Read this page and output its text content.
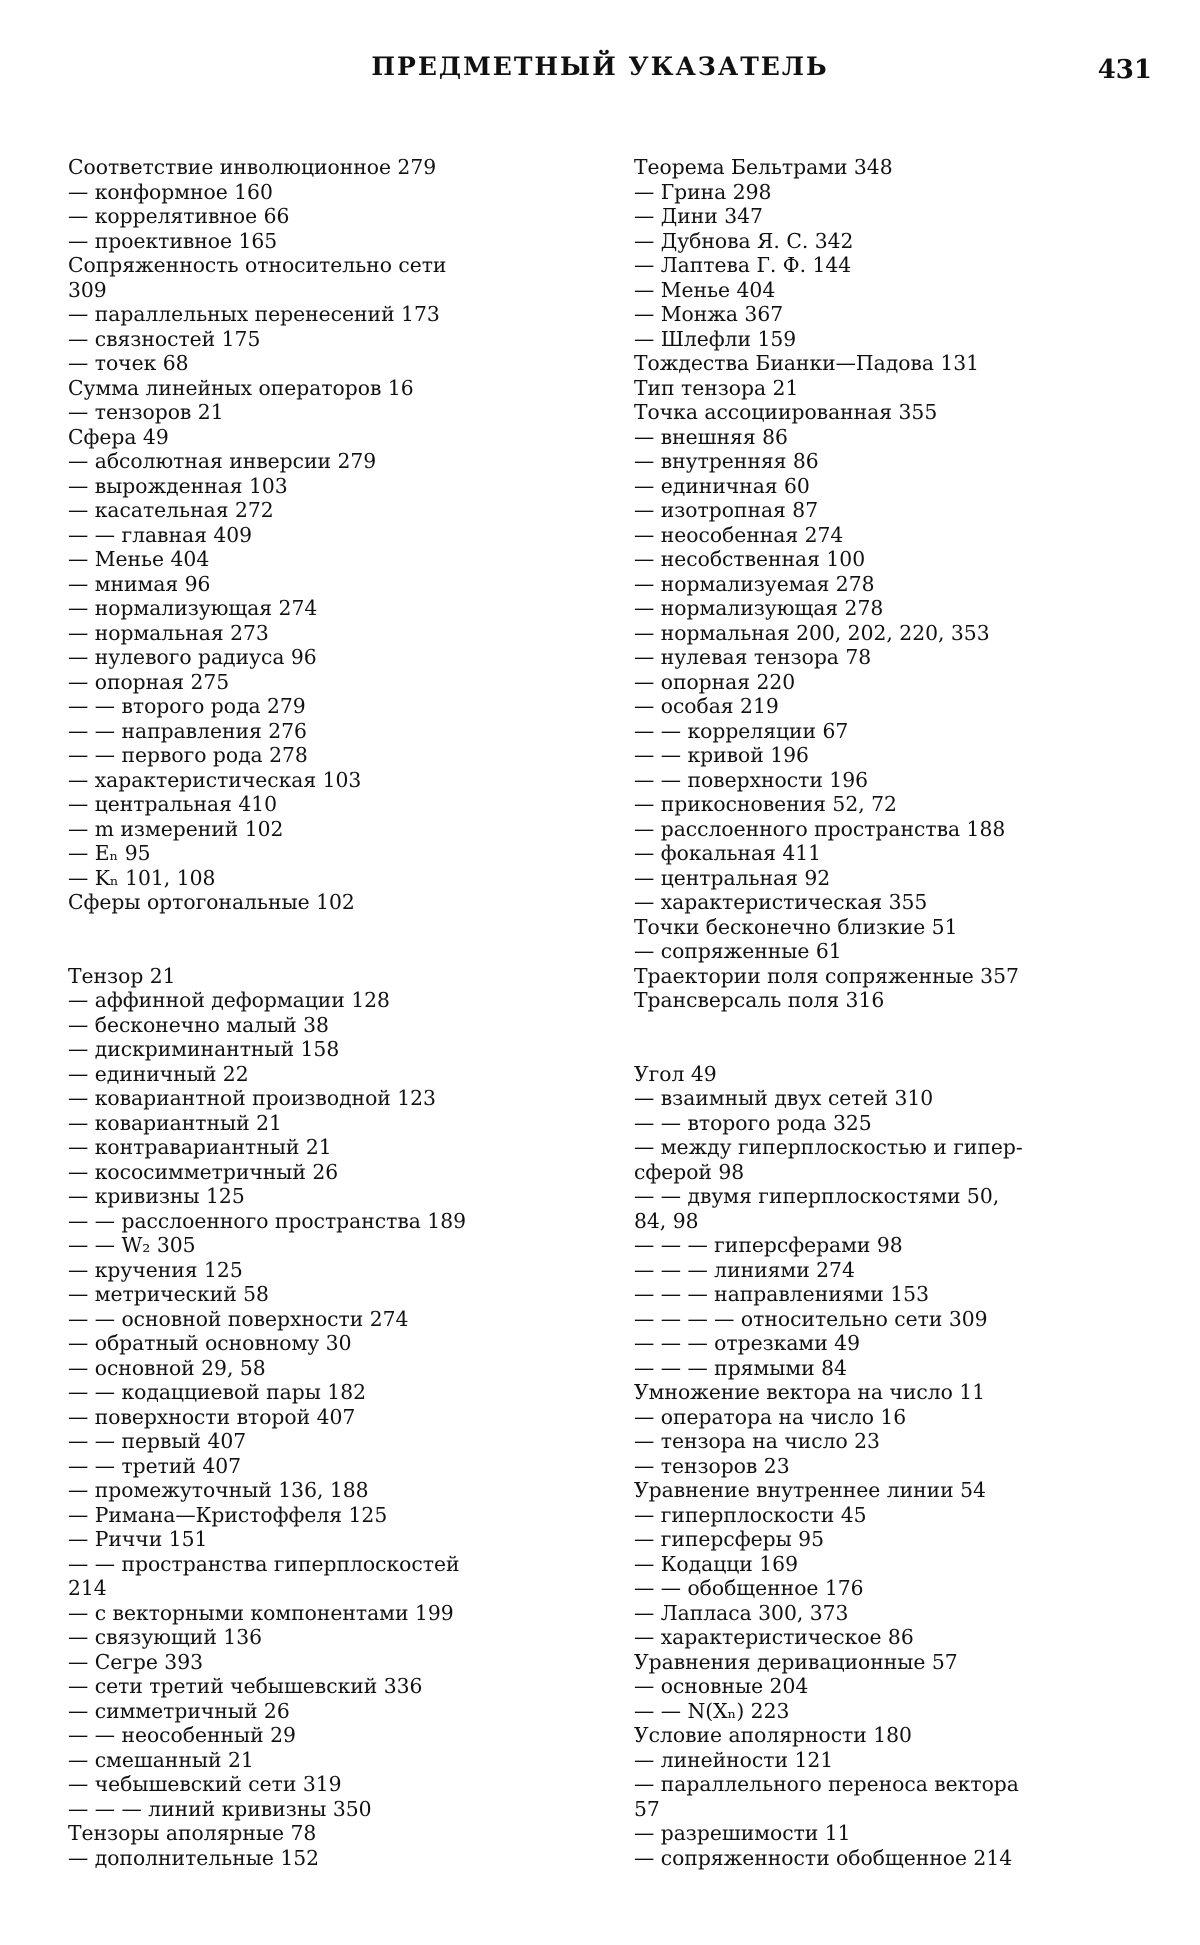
ПРЕДМЕТНЫЙ УКАЗАТЕЛЬ	431
Соответствие инволюционное 279
— конформное 160
— коррелятивное 66
— проективное 165
Сопряженность относительно сети
309
— параллельных перенесений 173
— связностей 175
— точек 68
Сумма линейных операторов 16
— тензоров 21
Сфера 49
— абсолютная инверсии 279
— вырожденная 103
— касательная 272
— — главная 409
— Менье 404
— мнимая 96
— нормализующая 274
— нормальная 273
— нулевого радиуса 96
— опорная 275
— — второго рода 279
— — направления 276
— — первого рода 278
— характеристическая 103
— центральная 410
— m измерений 102
— Eₙ 95
— Kₙ 101, 108
Сферы ортогональные 102
Тензор 21
— аффинной деформации 128
— бесконечно малый 38
— дискриминантный 158
— единичный 22
— ковариантной производной 123
— ковариантный 21
— контравариантный 21
— кососимметричный 26
— кривизны 125
— — расслоенного пространства 189
— — W₂ 305
— кручения 125
— метрический 58
— — основной поверхности 274
— обратный основному 30
— основной 29, 58
— — кодацциевой пары 182
— поверхности второй 407
— — первый 407
— — третий 407
— промежуточный 136, 188
— Римана—Кристоффеля 125
— Риччи 151
— — пространства гиперплоскостей
214
— с векторными компонентами 199
— связующий 136
— Сегре 393
— сети третий чебышевский 336
— симметричный 26
— — неособенный 29
— смешанный 21
— чебышевский сети 319
— — — линий кривизны 350
Тензоры аполярные 78
— дополнительные 152
Теорема Бельтрами 348
— Грина 298
— Дини 347
— Дубнова Я. С. 342
— Лаптева Г. Ф. 144
— Менье 404
— Монжа 367
— Шлефли 159
Тождества Бианки—Падова 131
Тип тензора 21
Точка ассоциированная 355
— внешняя 86
— внутренняя 86
— единичная 60
— изотропная 87
— неособенная 274
— несобственная 100
— нормализуемая 278
— нормализующая 278
— нормальная 200, 202, 220, 353
— нулевая тензора 78
— опорная 220
— особая 219
— — корреляции 67
— — кривой 196
— — поверхности 196
— прикосновения 52, 72
— расслоенного пространства 188
— фокальная 411
— центральная 92
— характеристическая 355
Точки бесконечно близкие 51
— сопряженные 61
Траектории поля сопряженные 357
Трансверсаль поля 316
Угол 49
— взаимный двух сетей 310
— — второго рода 325
— между гиперплоскостью и гипер-
сферой 98
— — двумя гиперплоскостями 50,
84, 98
— — — гиперсферами 98
— — — линиями 274
— — — направлениями 153
— — — — относительно сети 309
— — — отрезками 49
— — — прямыми 84
Умножение вектора на число 11
— оператора на число 16
— тензора на число 23
— тензоров 23
Уравнение внутреннее линии 54
— гиперплоскости 45
— гиперсферы 95
— Кодацци 169
— — обобщенное 176
— Лапласа 300, 373
— характеристическое 86
Уравнения деривационные 57
— основные 204
— — N(Xₙ) 223
Условие аполярности 180
— линейности 121
— параллельного переноса вектора
57
— разрешимости 11
— сопряженности обобщенное 214
